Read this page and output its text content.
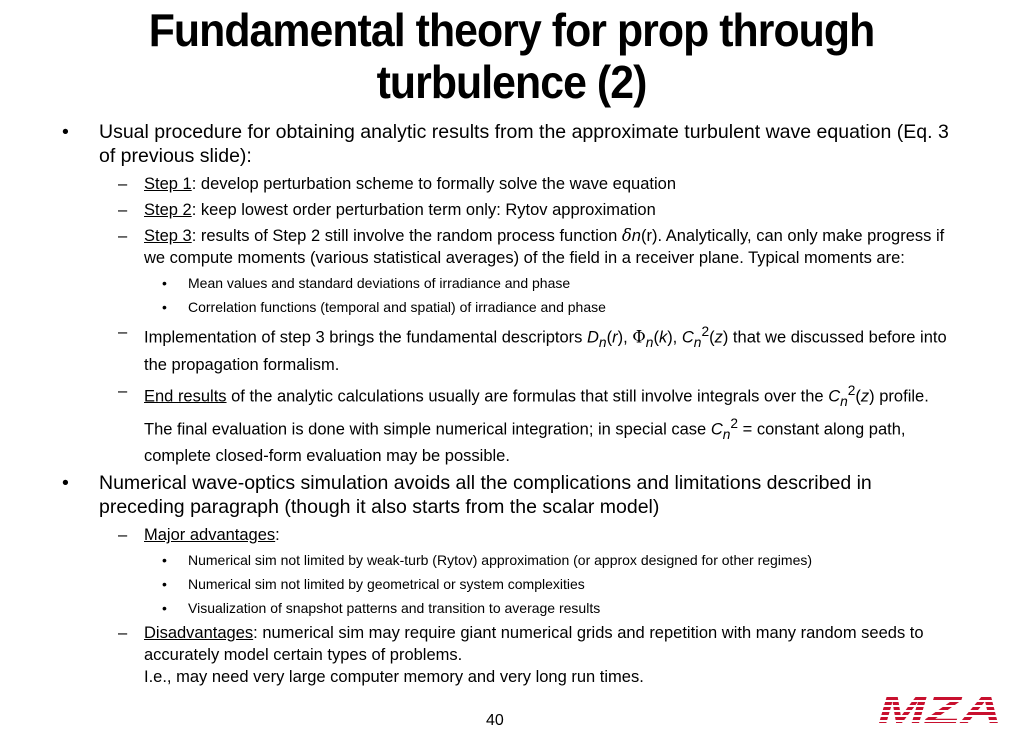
Fundamental theory for prop through
turbulence (2)
• Usual procedure for obtaining analytic results from the approximate turbulent wave equation (Eq. 3 of previous slide):
– Step 1: develop perturbation scheme to formally solve the wave equation
– Step 2: keep lowest order perturbation term only: Rytov approximation
– Step 3: results of Step 2 still involve the random process function δn(r). Analytically, can only make progress if we compute moments (various statistical averages) of the field in a receiver plane. Typical moments are:
• Mean values and standard deviations of irradiance and phase
• Correlation functions (temporal and spatial) of irradiance and phase
– Implementation of step 3 brings the fundamental descriptors $D_n(r)$, $\Phi_n(k)$, $C_n^2(z)$ that we discussed before into the propagation formalism.
– End results of the analytic calculations usually are formulas that still involve integrals over the $C_n^2(z)$ profile. The final evaluation is done with simple numerical integration; in special case $C_n^2$ = constant along path, complete closed-form evaluation may be possible.
• Numerical wave-optics simulation avoids all the complications and limitations described in preceding paragraph (though it also starts from the scalar model)
– Major advantages:
• Numerical sim not limited by weak-turb (Rytov) approximation (or approx designed for other regimes)
• Numerical sim not limited by geometrical or system complexities
• Visualization of snapshot patterns and transition to average results
– Disadvantages: numerical sim may require giant numerical grids and repetition with many random seeds to accurately model certain types of problems.
I.e., may need very large computer memory and very long run times.
40	MZA
